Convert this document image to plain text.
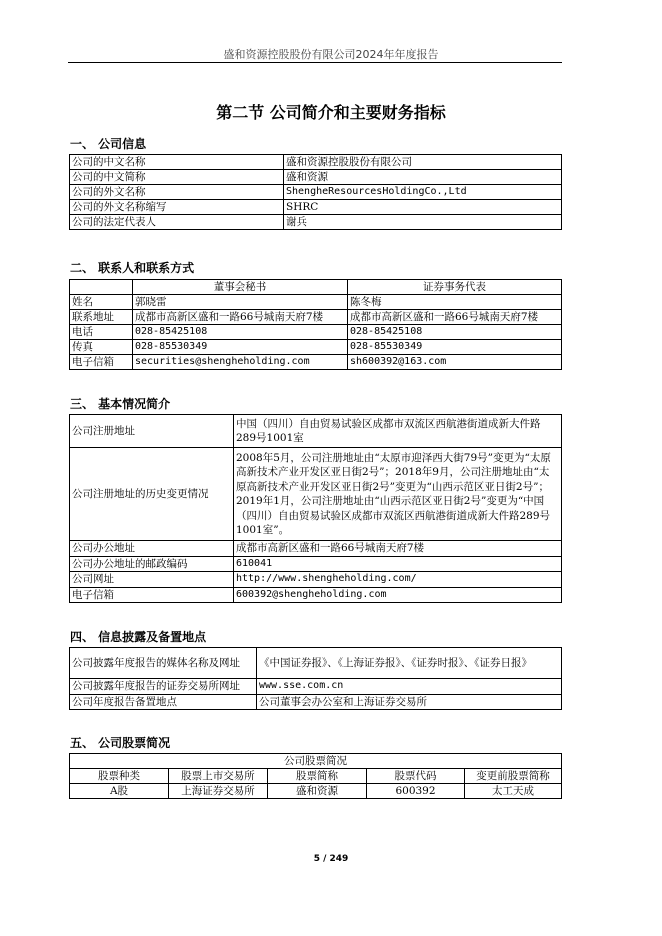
盛和资源控股股份有限公司2024年年度报告
第二节 公司简介和主要财务指标
一、 公司信息
公司的中文名称	盛和资源控股股份有限公司
公司的中文简称	盛和资源
公司的外文名称	ShengheResourcesHoldingCo.,Ltd
公司的外文名称缩写	SHRC
公司的法定代表人	谢兵
二、 联系人和联系方式
	董事会秘书	证券事务代表
姓名	郭晓雷	陈冬梅
联系地址	成都市高新区盛和一路66号城南天府7楼	成都市高新区盛和一路66号城南天府7楼
电话	028-85425108	028-85425108
传真	028-85530349	028-85530349
电子信箱	securities@shengheholding.com	sh600392@163.com
三、 基本情况简介
公司注册地址	中国（四川）自由贸易试验区成都市双流区西航港街道成新大件路289号1001室
公司注册地址的历史变更情况	2008年5月，公司注册地址由“太原市迎泽西大街79号”变更为“太原高新技术产业开发区亚日街2号”；2018年9月，公司注册地址由“太原高新技术产业开发区亚日街2号”变更为“山西示范区亚日街2号”；2019年1月，公司注册地址由“山西示范区亚日街2号”变更为“中国（四川）自由贸易试验区成都市双流区西航港街道成新大件路289号1001室”。
公司办公地址	成都市高新区盛和一路66号城南天府7楼
公司办公地址的邮政编码	610041
公司网址	http://www.shengheholding.com/
电子信箱	600392@shengheholding.com
四、 信息披露及备置地点
公司披露年度报告的媒体名称及网址	《中国证券报》、《上海证券报》、《证券时报》、《证券日报》
公司披露年度报告的证券交易所网址	www.sse.com.cn
公司年度报告备置地点	公司董事会办公室和上海证券交易所
五、 公司股票简况
公司股票简况				
股票种类	股票上市交易所	股票简称	股票代码	变更前股票简称
A股	上海证券交易所	盛和资源	600392	太工天成
5 / 249
